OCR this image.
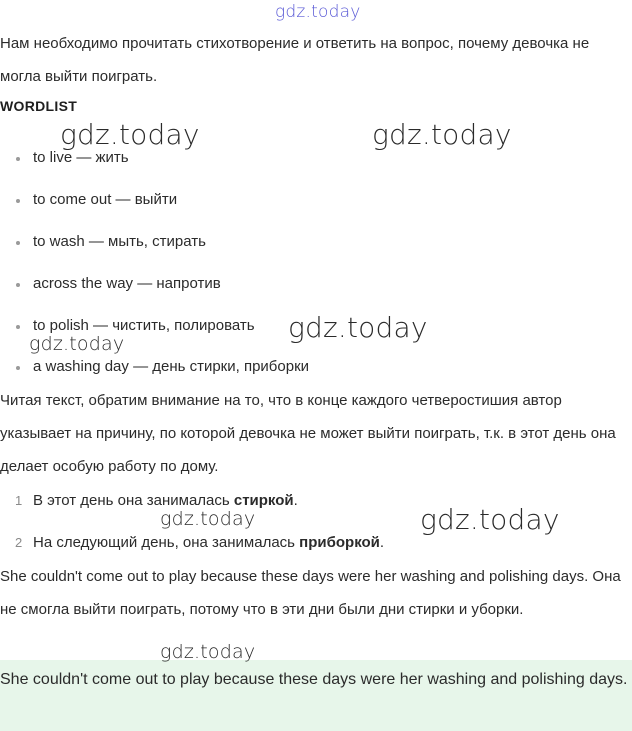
gdz.today
Нам необходимо прочитать стихотворение и ответить на вопрос, почему девочка не могла выйти поиграть.
WORDLIST
to live — жить
to come out — выйти
to wash — мыть, стирать
across the way — напротив
to polish — чистить, полировать
a washing day — день стирки, приборки
Читая текст, обратим внимание на то, что в конце каждого четверостишия автор указывает на причину, по которой девочка не может выйти поиграть, т.к. в этот день она делает особую работу по дому.
1 В этот день она занималась стиркой.
2 На следующий день, она занималась приборкой.
She couldn't come out to play because these days were her washing and polishing days. Она не смогла выйти поиграть, потому что в эти дни были дни стирки и уборки.
She couldn't come out to play because these days were her washing and polishing days.
gdz.today	gdz.today
gdz.today
gdz.today
gdz.today	gdz.today
gdz.today
